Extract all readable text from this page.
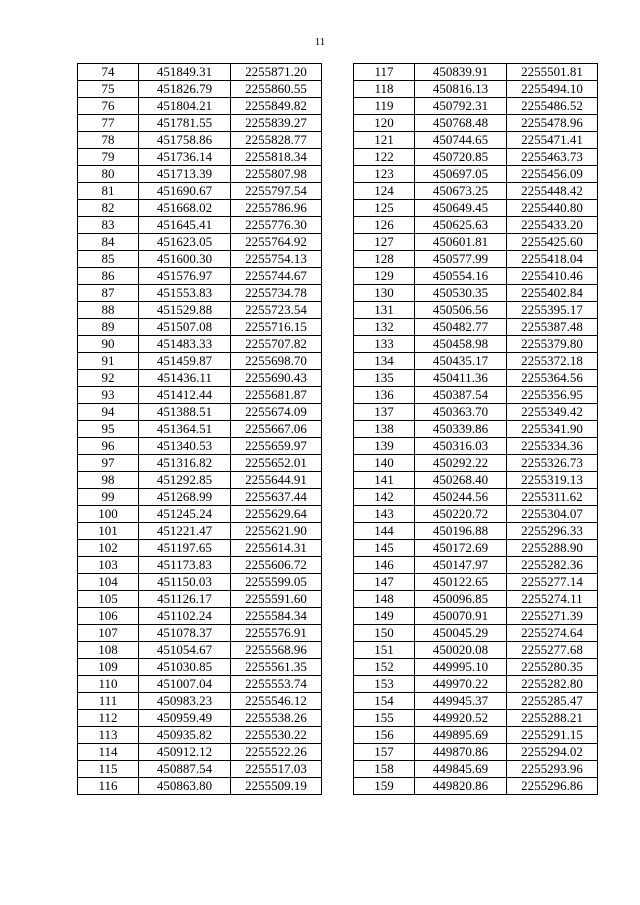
11
74	451849.31	2255871.20
75	451826.79	2255860.55
76	451804.21	2255849.82
77	451781.55	2255839.27
78	451758.86	2255828.77
79	451736.14	2255818.34
80	451713.39	2255807.98
81	451690.67	2255797.54
82	451668.02	2255786.96
83	451645.41	2255776.30
84	451623.05	2255764.92
85	451600.30	2255754.13
86	451576.97	2255744.67
87	451553.83	2255734.78
88	451529.88	2255723.54
89	451507.08	2255716.15
90	451483.33	2255707.82
91	451459.87	2255698.70
92	451436.11	2255690.43
93	451412.44	2255681.87
94	451388.51	2255674.09
95	451364.51	2255667.06
96	451340.53	2255659.97
97	451316.82	2255652.01
98	451292.85	2255644.91
99	451268.99	2255637.44
100	451245.24	2255629.64
101	451221.47	2255621.90
102	451197.65	2255614.31
103	451173.83	2255606.72
104	451150.03	2255599.05
105	451126.17	2255591.60
106	451102.24	2255584.34
107	451078.37	2255576.91
108	451054.67	2255568.96
109	451030.85	2255561.35
110	451007.04	2255553.74
111	450983.23	2255546.12
112	450959.49	2255538.26
113	450935.82	2255530.22
114	450912.12	2255522.26
115	450887.54	2255517.03
116	450863.80	2255509.19
117	450839.91	2255501.81
118	450816.13	2255494.10
119	450792.31	2255486.52
120	450768.48	2255478.96
121	450744.65	2255471.41
122	450720.85	2255463.73
123	450697.05	2255456.09
124	450673.25	2255448.42
125	450649.45	2255440.80
126	450625.63	2255433.20
127	450601.81	2255425.60
128	450577.99	2255418.04
129	450554.16	2255410.46
130	450530.35	2255402.84
131	450506.56	2255395.17
132	450482.77	2255387.48
133	450458.98	2255379.80
134	450435.17	2255372.18
135	450411.36	2255364.56
136	450387.54	2255356.95
137	450363.70	2255349.42
138	450339.86	2255341.90
139	450316.03	2255334.36
140	450292.22	2255326.73
141	450268.40	2255319.13
142	450244.56	2255311.62
143	450220.72	2255304.07
144	450196.88	2255296.33
145	450172.69	2255288.90
146	450147.97	2255282.36
147	450122.65	2255277.14
148	450096.85	2255274.11
149	450070.91	2255271.39
150	450045.29	2255274.64
151	450020.08	2255277.68
152	449995.10	2255280.35
153	449970.22	2255282.80
154	449945.37	2255285.47
155	449920.52	2255288.21
156	449895.69	2255291.15
157	449870.86	2255294.02
158	449845.69	2255293.96
159	449820.86	2255296.86
